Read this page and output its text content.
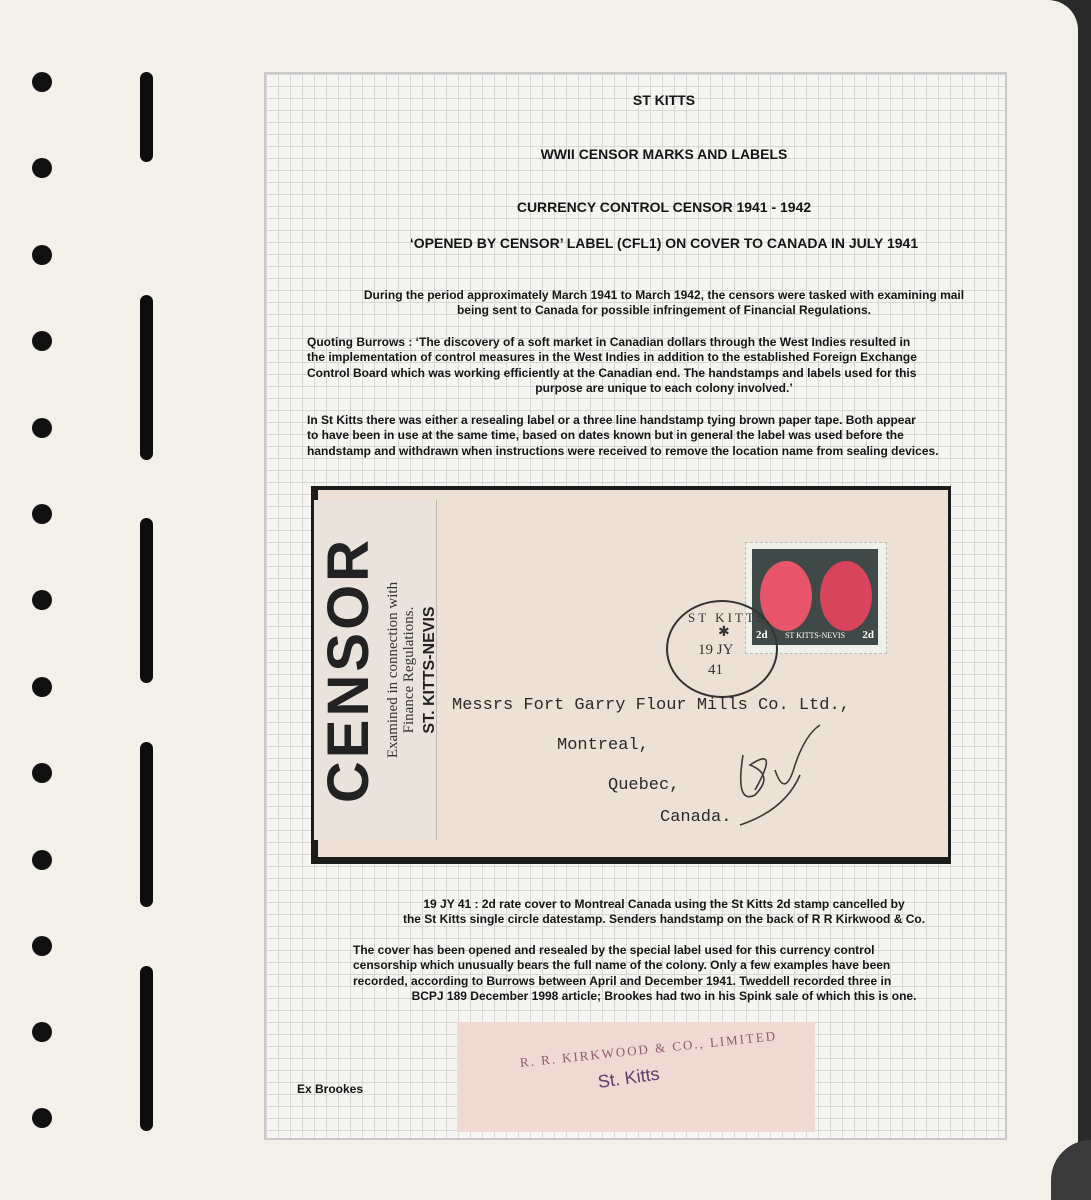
ST KITTS
WWII CENSOR MARKS AND LABELS
CURRENCY CONTROL CENSOR 1941 - 1942
‘OPENED BY CENSOR’ LABEL (CFL1) ON COVER TO CANADA IN JULY 1941
During the period approximately March 1941 to March 1942, the censors were tasked with examining mail
being sent to Canada for possible infringement of Financial Regulations.
Quoting Burrows : ‘The discovery of a soft market in Canadian dollars through the West Indies resulted in
the implementation of control measures in the West Indies in addition to the established Foreign Exchange
Control Board which was working efficiently at the Canadian end. The handstamps and labels used for this
purpose are unique to each colony involved.’
In St Kitts there was either a resealing label or a three line handstamp tying brown paper tape. Both appear
to have been in use at the same time, based on dates known but in general the label was used before the
handstamp and withdrawn when instructions were received to remove the location name from sealing devices.
CENSOR Examined in connection with Finance Regulations. ST. KITTS-NEVIS	2d	ST KITTS-NEVIS 2d
ST KITTS
✱
19 JY
41
Messrs Fort Garry Flour Mills Co. Ltd.,
Montreal,
Quebec,
Canada.
19 JY 41 : 2d rate cover to Montreal Canada using the St Kitts 2d stamp cancelled by
the St Kitts single circle datestamp. Senders handstamp on the back of R R Kirkwood & Co.
The cover has been opened and resealed by the special label used for this currency control
censorship which unusually bears the full name of the colony. Only a few examples have been
recorded, according to Burrows between April and December 1941. Tweddell recorded three in
BCPJ 189 December 1998 article; Brookes had two in his Spink sale of which this is one.
R. R. KIRKWOOD & CO., LIMITED
St. Kitts
Ex Brookes
